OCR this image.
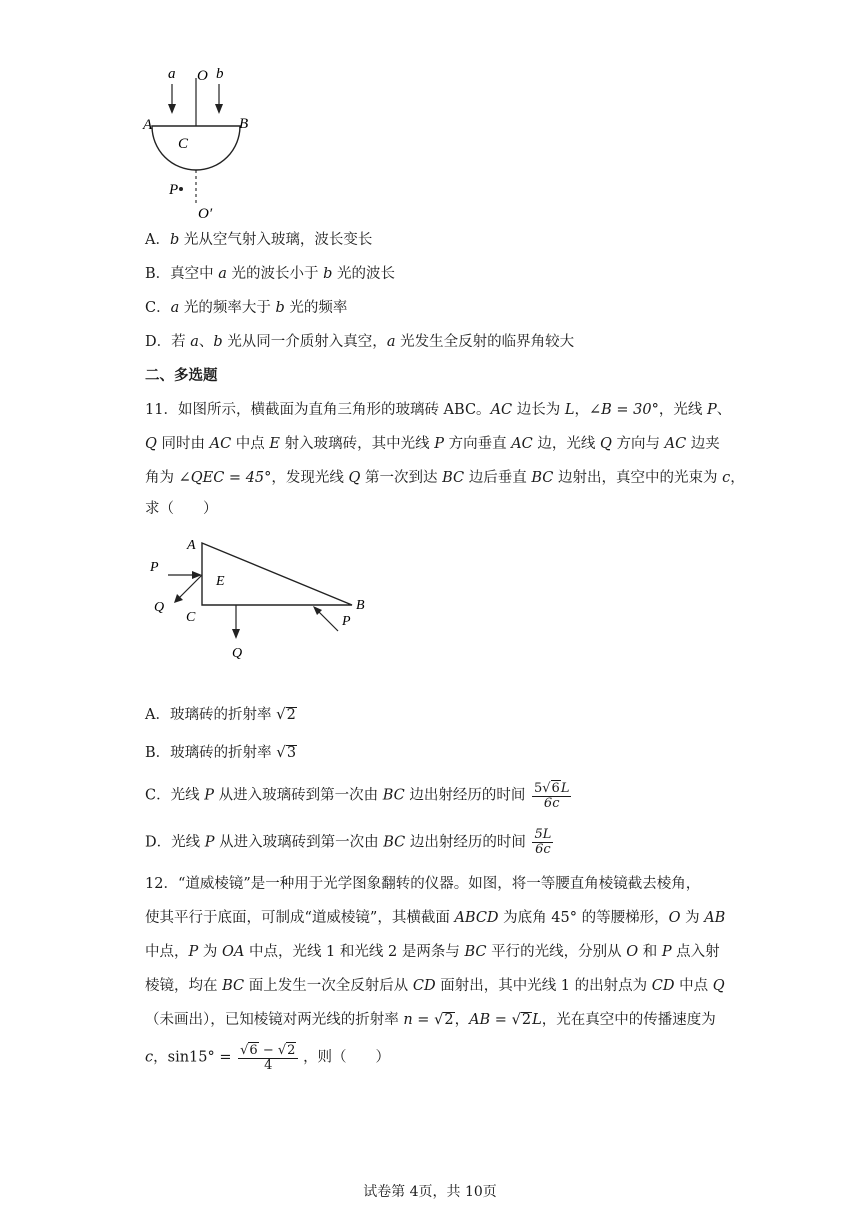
a O b
A	B
C
P
O′
A．b 光从空气射入玻璃，波长变长
B．真空中 a 光的波长小于 b 光的波长
C．a 光的频率大于 b 光的频率
D．若 a、b 光从同一介质射入真空，a 光发生全反射的临界角较大
二、多选题
11．如图所示，横截面为直角三角形的玻璃砖 ABC。AC 边长为 L，∠B = 30°，光线 P、
Q 同时由 AC 中点 E 射入玻璃砖，其中光线 P 方向垂直 AC 边，光线 Q 方向与 AC 边夹
角为 ∠QEC = 45°，发现光线 Q 第一次到达 BC 边后垂直 BC 边射出，真空中的光束为 c，
求（　　）
A
P
E
Q
C
B
P
Q
A．玻璃砖的折射率 √2
B．玻璃砖的折射率 √3
C．光线 P 从进入玻璃砖到第一次由 BC 边出射经历的时间 $\frac{5√6L}{6c}$
D．光线 P 从进入玻璃砖到第一次由 BC 边出射经历的时间 $\frac{5L}{6c}$
12．“道威棱镜”是一种用于光学图象翻转的仪器。如图，将一等腰直角棱镜截去棱角，
使其平行于底面，可制成“道威棱镜”，其横截面 ABCD 为底角 45° 的等腰梯形，O 为 AB
中点，P 为 OA 中点，光线 1 和光线 2 是两条与 BC 平行的光线，分别从 O 和 P 点入射
棱镜，均在 BC 面上发生一次全反射后从 CD 面射出，其中光线 1 的出射点为 CD 中点 Q
（未画出），已知棱镜对两光线的折射率 n = √2，AB = √2L，光在真空中的传播速度为
c，$\sin 15^\circ = \frac{√6 - √2}{4}$ ，则（　　）
试卷第 4页，共 10页
